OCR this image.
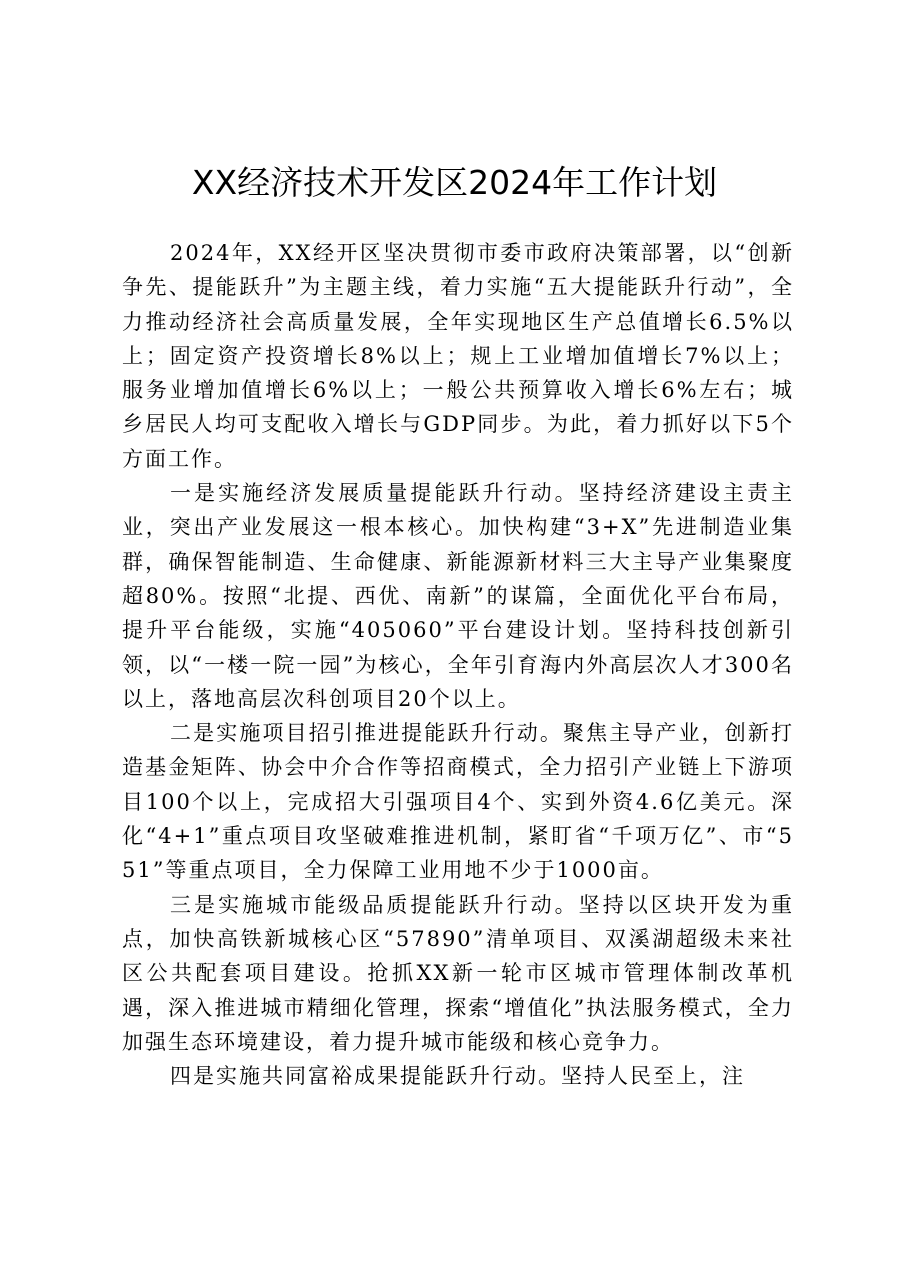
XX经济技术开发区2024年工作计划

2024年，XX经开区坚决贯彻市委市政府决策部署，以“创新争先、提能跃升”为主题主线，着力实施“五大提能跃升行动”，全力推动经济社会高质量发展，全年实现地区生产总值增长6.5%以上；固定资产投资增长8%以上；规上工业增加值增长7%以上；服务业增加值增长6%以上；一般公共预算收入增长6%左右；城乡居民人均可支配收入增长与GDP同步。为此，着力抓好以下5个方面工作。

一是实施经济发展质量提能跃升行动。坚持经济建设主责主业，突出产业发展这一根本核心。加快构建“3+X”先进制造业集群，确保智能制造、生命健康、新能源新材料三大主导产业集聚度超80%。按照“北提、西优、南新”的谋篇，全面优化平台布局，提升平台能级，实施“405060”平台建设计划。坚持科技创新引领，以“一楼一院一园”为核心，全年引育海内外高层次人才300名以上，落地高层次科创项目20个以上。

二是实施项目招引推进提能跃升行动。聚焦主导产业，创新打造基金矩阵、协会中介合作等招商模式，全力招引产业链上下游项目100个以上，完成招大引强项目4个、实到外资4.6亿美元。深化“4+1”重点项目攻坚破难推进机制，紧盯省“千项万亿”、市“551”等重点项目，全力保障工业用地不少于1000亩。

三是实施城市能级品质提能跃升行动。坚持以区块开发为重点，加快高铁新城核心区“57890”清单项目、双溪湖超级未来社区公共配套项目建设。抢抓XX新一轮市区城市管理体制改革机遇，深入推进城市精细化管理，探索“增值化”执法服务模式，全力加强生态环境建设，着力提升城市能级和核心竞争力。

四是实施共同富裕成果提能跃升行动。坚持人民至上，注
